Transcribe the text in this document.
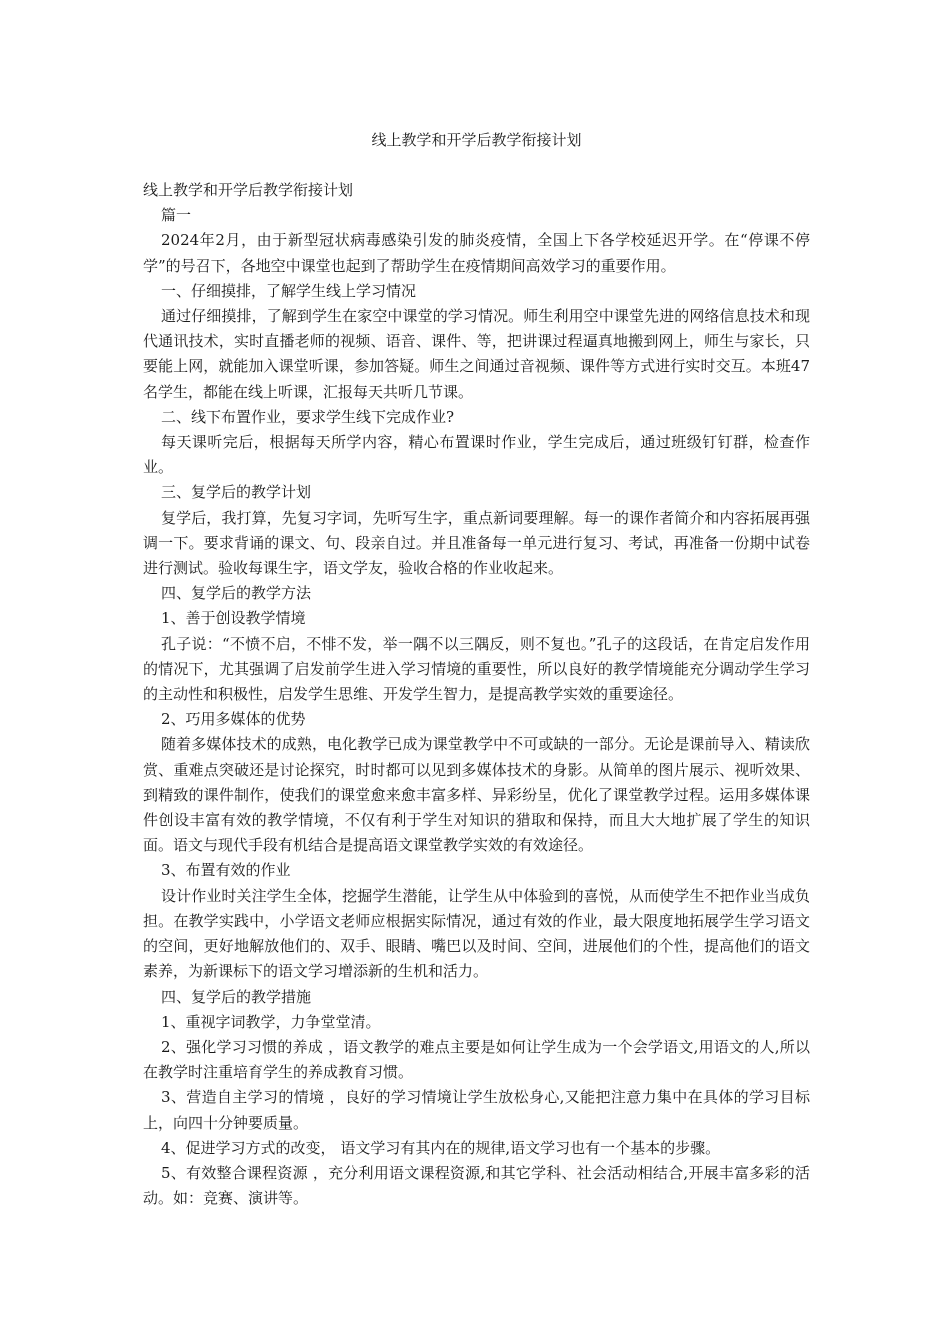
线上教学和开学后教学衔接计划

线上教学和开学后教学衔接计划

篇一

2024年2月，由于新型冠状病毒感染引发的肺炎疫情，全国上下各学校延迟开学。在“停课不停学”的号召下，各地空中课堂也起到了帮助学生在疫情期间高效学习的重要作用。

一、仔细摸排，了解学生线上学习情况

通过仔细摸排，了解到学生在家空中课堂的学习情况。师生利用空中课堂先进的网络信息技术和现代通讯技术，实时直播老师的视频、语音、课件、等，把讲课过程逼真地搬到网上，师生与家长，只要能上网，就能加入课堂听课，参加答疑。师生之间通过音视频、课件等方式进行实时交互。本班47名学生，都能在线上听课，汇报每天共听几节课。

二、线下布置作业，要求学生线下完成作业?

每天课听完后，根据每天所学内容，精心布置课时作业，学生完成后，通过班级钉钉群，检查作业。

三、复学后的教学计划

复学后，我打算，先复习字词，先听写生字，重点新词要理解。每一的课作者简介和内容拓展再强调一下。要求背诵的课文、句、段亲自过。并且准备每一单元进行复习、考试，再准备一份期中试卷进行测试。验收每课生字，语文学友，验收合格的作业收起来。

四、复学后的教学方法

1、善于创设教学情境

孔子说：“不愤不启，不悱不发，举一隅不以三隅反，则不复也。”孔子的这段话，在肯定启发作用的情况下，尤其强调了启发前学生进入学习情境的重要性，所以良好的教学情境能充分调动学生学习的主动性和积极性，启发学生思维、开发学生智力，是提高教学实效的重要途径。

2、巧用多媒体的优势

随着多媒体技术的成熟，电化教学已成为课堂教学中不可或缺的一部分。无论是课前导入、精读欣赏、重难点突破还是讨论探究，时时都可以见到多媒体技术的身影。从简单的图片展示、视听效果、到精致的课件制作，使我们的课堂愈来愈丰富多样、异彩纷呈，优化了课堂教学过程。运用多媒体课件创设丰富有效的教学情境，不仅有利于学生对知识的猎取和保持，而且大大地扩展了学生的知识面。语文与现代手段有机结合是提高语文课堂教学实效的有效途径。

3、布置有效的作业

设计作业时关注学生全体，挖掘学生潜能，让学生从中体验到的喜悦，从而使学生不把作业当成负担。在教学实践中，小学语文老师应根据实际情况，通过有效的作业，最大限度地拓展学生学习语文的空间，更好地解放他们的、双手、眼睛、嘴巴以及时间、空间，进展他们的个性，提高他们的语文素养，为新课标下的语文学习增添新的生机和活力。

四、复学后的教学措施

1、重视字词教学，力争堂堂清。

2、强化学习习惯的养成 ，语文教学的难点主要是如何让学生成为一个会学语文,用语文的人,所以在教学时注重培育学生的养成教育习惯。

3、营造自主学习的情境 ，良好的学习情境让学生放松身心,又能把注意力集中在具体的学习目标上，向四十分钟要质量。

4、促进学习方式的改变， 语文学习有其内在的规律,语文学习也有一个基本的步骤。

5、有效整合课程资源 ，充分利用语文课程资源,和其它学科、社会活动相结合,开展丰富多彩的活动。如：竞赛、演讲等。
